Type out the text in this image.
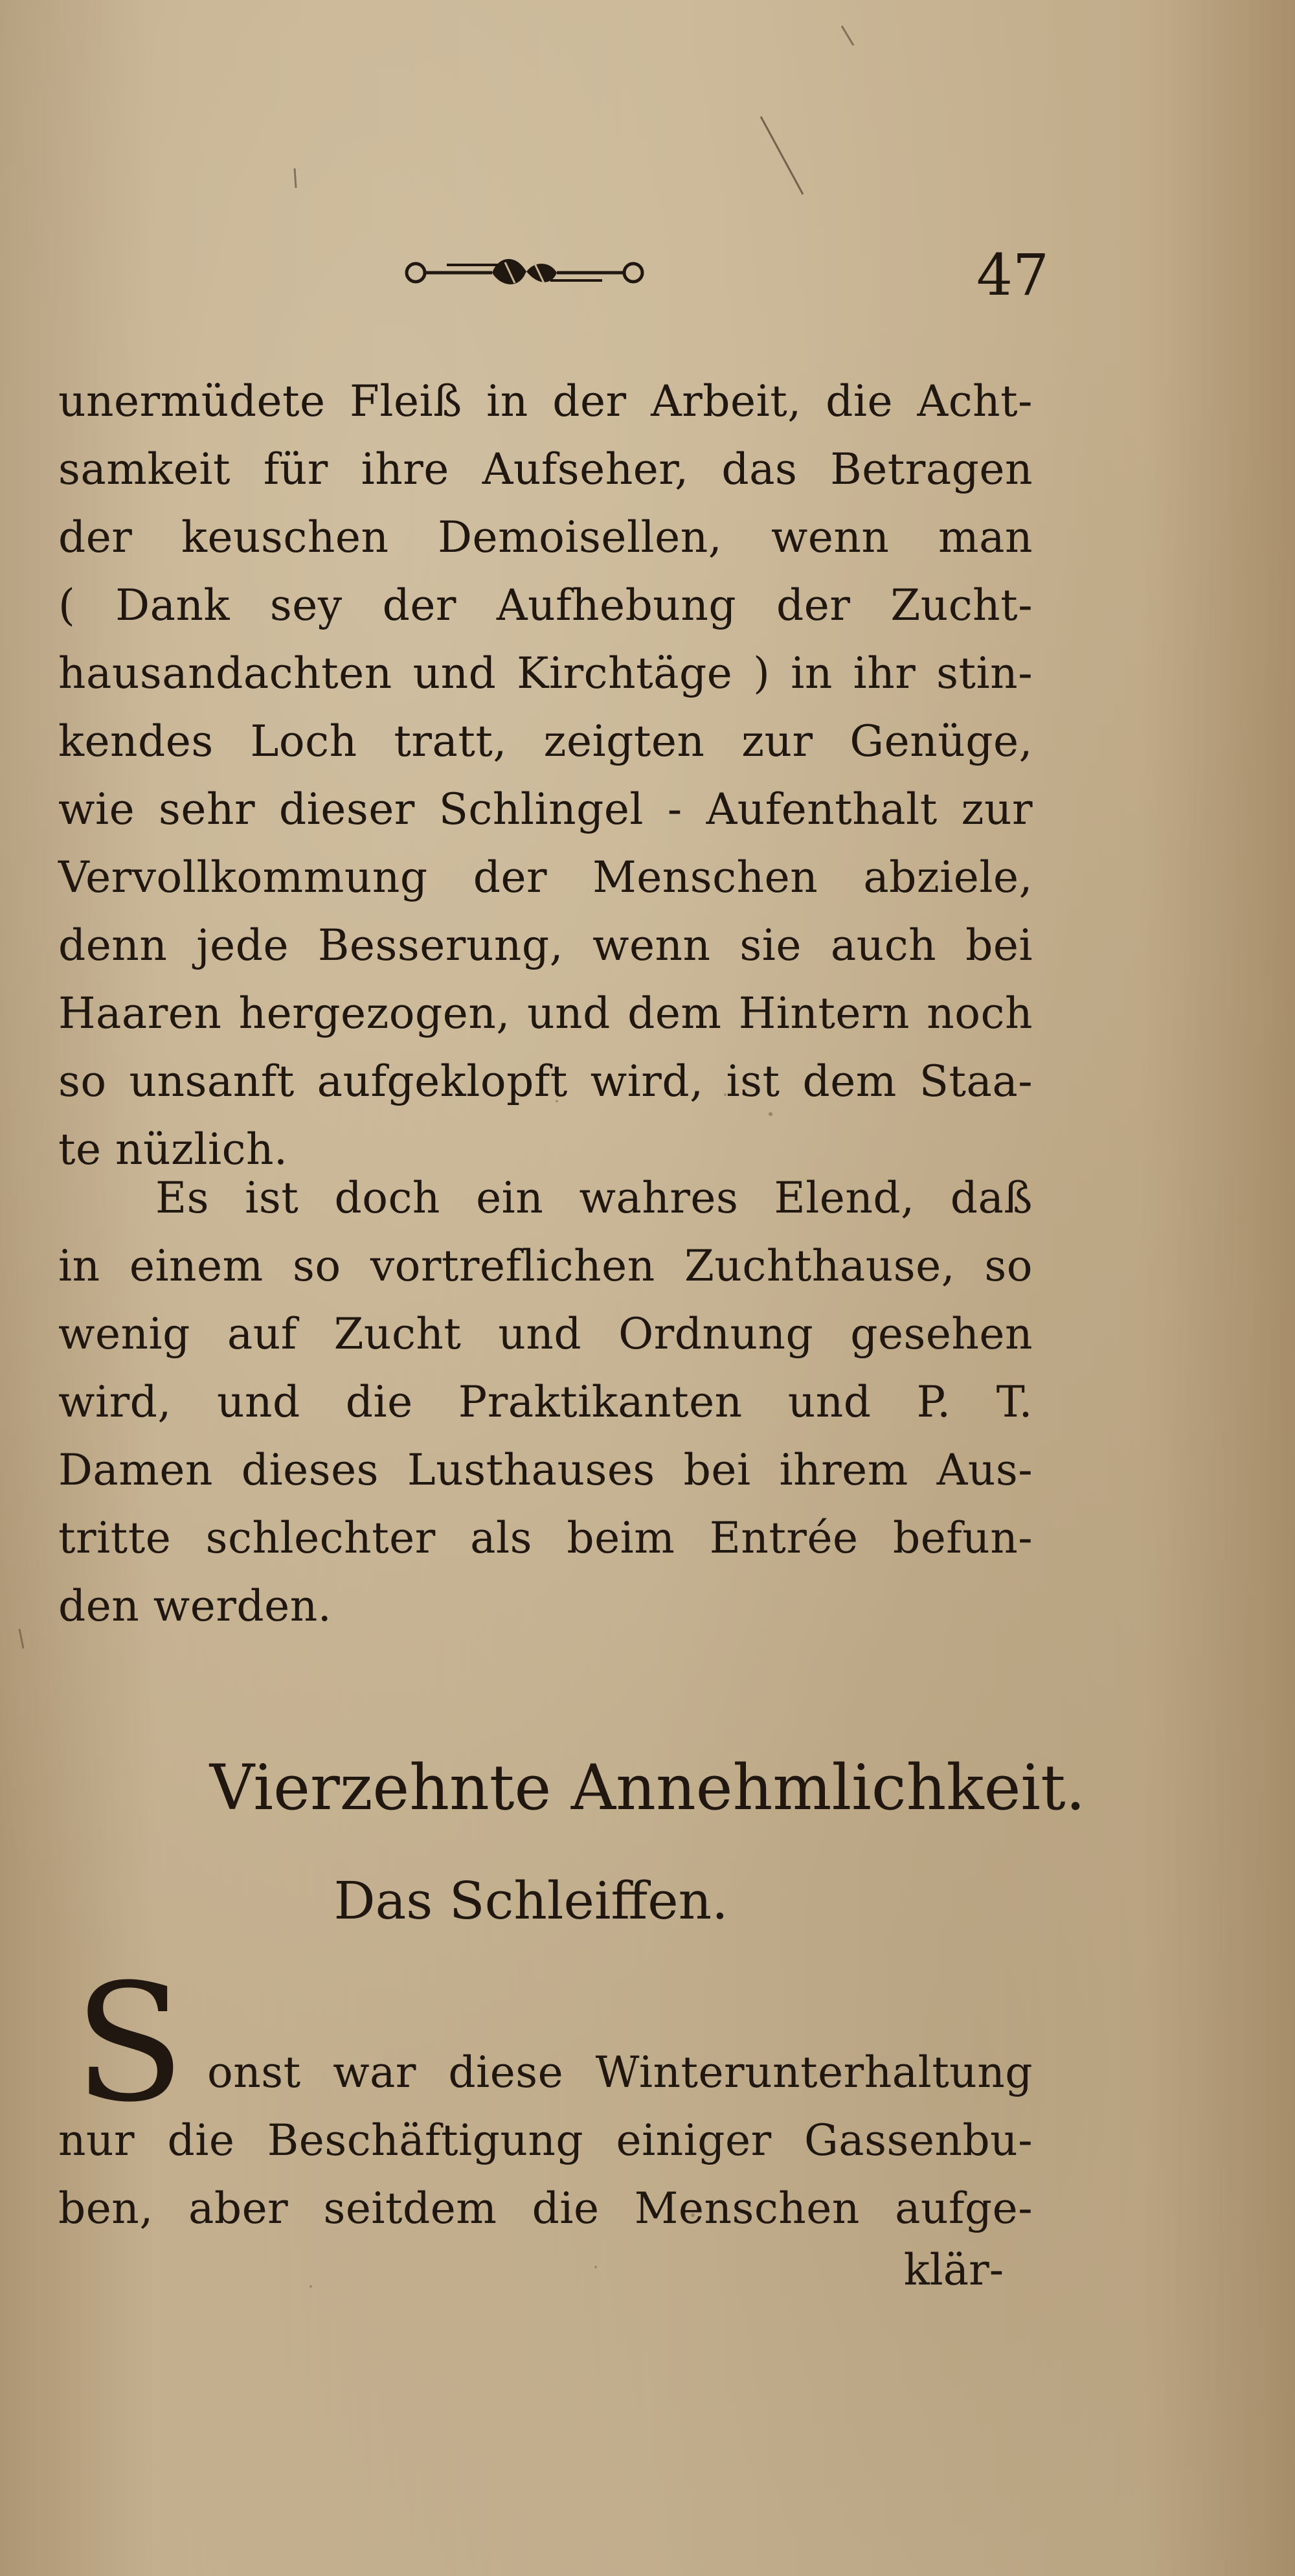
47

unermüdete Fleiß in der Arbeit, die Acht-

samkeit für ihre Aufseher, das Betragen

der keuschen Demoisellen, wenn man

( Dank sey der Aufhebung der Zucht-

hausandachten und Kirchtäge ) in ihr stin-

kendes Loch tratt, zeigten zur Genüge,

wie sehr dieser Schlingel - Aufenthalt zur

Vervollkommung der Menschen abziele,

denn jede Besserung, wenn sie auch bei

Haaren hergezogen, und dem Hintern noch

so unsanft aufgeklopft wird, ist dem Staa-

te nüzlich.

Es ist doch ein wahres Elend, daß

in einem so vortreflichen Zuchthause, so

wenig auf Zucht und Ordnung gesehen

wird, und die Praktikanten und P. T.

Damen dieses Lusthauses bei ihrem Aus-

tritte schlechter als beim Entrée befun-

den werden.

Vierzehnte Annehmlichkeit.
Das Schleiffen.
S onst war diese Winterunterhaltung

nur die Beschäftigung einiger Gassenbu-

ben, aber seitdem die Menschen aufge-

klär-
